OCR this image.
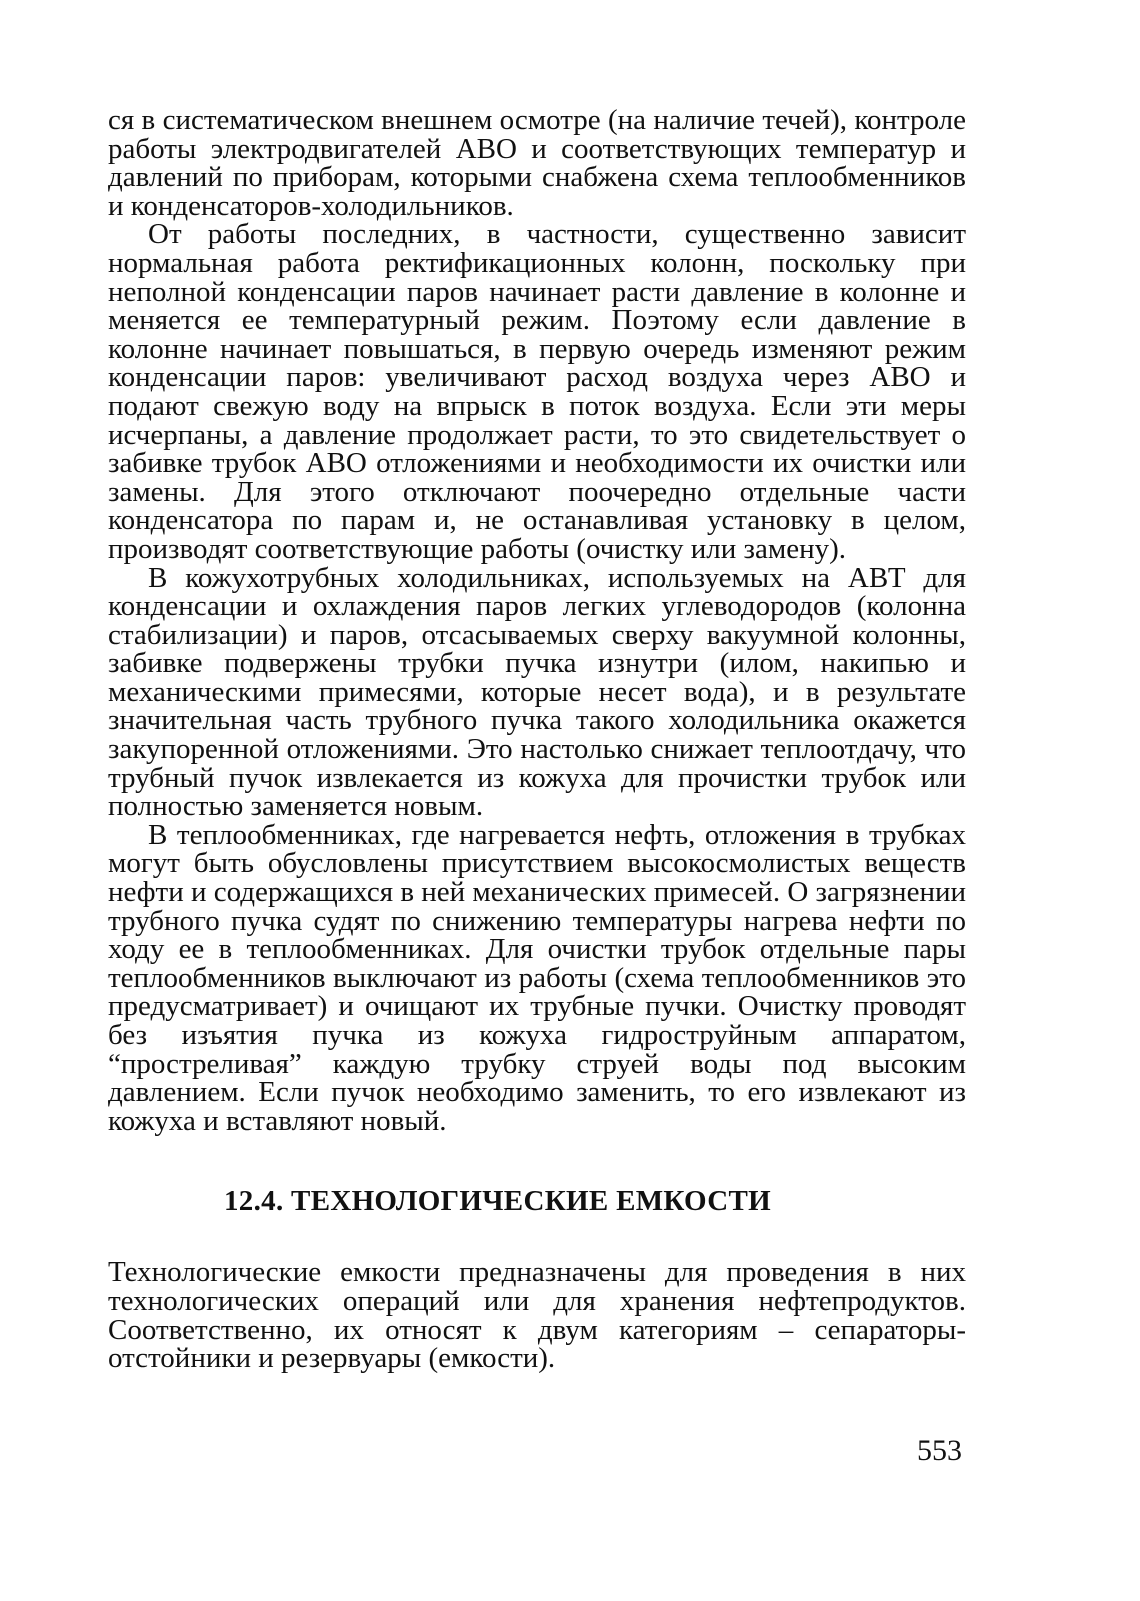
ся в систематическом внешнем осмотре (на наличие течей), контроле работы электродвигателей АВО и соответствующих температур и давлений по приборам, которыми снабжена схема теплообменников и конденсаторов-холодильников.

От работы последних, в частности, существенно зависит нормальная работа ректификационных колонн, поскольку при неполной конденсации паров начинает расти давление в колонне и меняется ее температурный режим. Поэтому если давление в колонне начинает повышаться, в первую очередь изменяют режим конденсации паров: увеличивают расход воздуха через АВО и подают свежую воду на впрыск в поток воздуха. Если эти меры исчерпаны, а давление продолжает расти, то это свидетельствует о забивке трубок АВО отложениями и необходимости их очистки или замены. Для этого отключают поочередно отдельные части конденсатора по парам и, не останавливая установку в целом, производят соответствующие работы (очистку или замену).

В кожухотрубных холодильниках, используемых на АВТ для конденсации и охлаждения паров легких углеводородов (колонна стабилизации) и паров, отсасываемых сверху вакуумной колонны, забивке подвержены трубки пучка изнутри (илом, накипью и механическими примесями, которые несет вода), и в результате значительная часть трубного пучка такого холодильника окажется закупоренной отложениями. Это настолько снижает теплоотдачу, что трубный пучок извлекается из кожуха для прочистки трубок или полностью заменяется новым.

В теплообменниках, где нагревается нефть, отложения в трубках могут быть обусловлены присутствием высокосмолистых веществ нефти и содержащихся в ней механических примесей. О загрязнении трубного пучка судят по снижению температуры нагрева нефти по ходу ее в теплообменниках. Для очистки трубок отдельные пары теплообменников выключают из работы (схема теплообменников это предусматривает) и очищают их трубные пучки. Очистку проводят без изъятия пучка из кожуха гидроструйным аппаратом, “простреливая” каждую трубку струей воды под высоким давлением. Если пучок необходимо заменить, то его извлекают из кожуха и вставляют новый.

12.4. ТЕХНОЛОГИЧЕСКИЕ ЕМКОСТИ

Технологические емкости предназначены для проведения в них технологических операций или для хранения нефтепродуктов. Соответственно, их относят к двум категориям – сепараторы-отстойники и резервуары (емкости).

553
